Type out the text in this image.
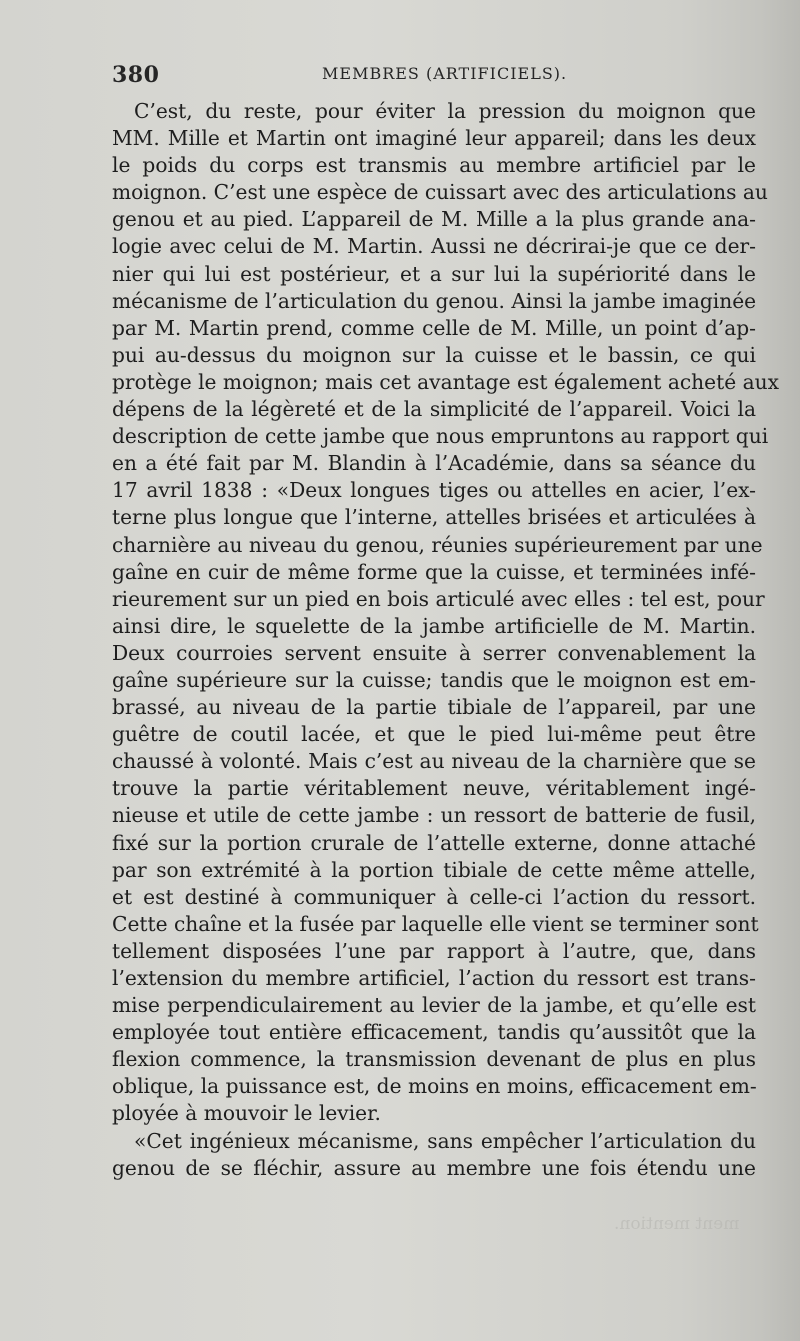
380	MEMBRES (ARTIFICIELS).
C’est, du reste, pour éviter la pression du moignon que
MM. Mille et Martin ont imaginé leur appareil; dans les deux
le poids du corps est transmis au membre artificiel par le
moignon. C’est une espèce de cuissart avec des articulations au
genou et au pied. L’appareil de M. Mille a la plus grande ana-
logie avec celui de M. Martin. Aussi ne décrirai-je que ce der-
nier qui lui est postérieur, et a sur lui la supériorité dans le
mécanisme de l’articulation du genou. Ainsi la jambe imaginée
par M. Martin prend, comme celle de M. Mille, un point d’ap-
pui au-dessus du moignon sur la cuisse et le bassin, ce qui
protège le moignon; mais cet avantage est également acheté aux
dépens de la légèreté et de la simplicité de l’appareil. Voici la
description de cette jambe que nous empruntons au rapport qui
en a été fait par M. Blandin à l’Académie, dans sa séance du
17 avril 1838 : «Deux longues tiges ou attelles en acier, l’ex-
terne plus longue que l’interne, attelles brisées et articulées à
charnière au niveau du genou, réunies supérieurement par une
gaîne en cuir de même forme que la cuisse, et terminées infé-
rieurement sur un pied en bois articulé avec elles : tel est, pour
ainsi dire, le squelette de la jambe artificielle de M. Martin.
Deux courroies servent ensuite à serrer convenablement la
gaîne supérieure sur la cuisse; tandis que le moignon est em-
brassé, au niveau de la partie tibiale de l’appareil, par une
guêtre de coutil lacée, et que le pied lui-même peut être
chaussé à volonté. Mais c’est au niveau de la charnière que se
trouve la partie véritablement neuve, véritablement ingé-
nieuse et utile de cette jambe : un ressort de batterie de fusil,
fixé sur la portion crurale de l’attelle externe, donne attaché
par son extrémité à la portion tibiale de cette même attelle,
et est destiné à communiquer à celle-ci l’action du ressort.
Cette chaîne et la fusée par laquelle elle vient se terminer sont
tellement disposées l’une par rapport à l’autre, que, dans
l’extension du membre artificiel, l’action du ressort est trans-
mise perpendiculairement au levier de la jambe, et qu’elle est
employée tout entière efficacement, tandis qu’aussitôt que la
flexion commence, la transmission devenant de plus en plus
oblique, la puissance est, de moins en moins, efficacement em-
ployée à mouvoir le levier.
«Cet ingénieux mécanisme, sans empêcher l’articulation du
genou de se fléchir, assure au membre une fois étendu une
ment mention.
